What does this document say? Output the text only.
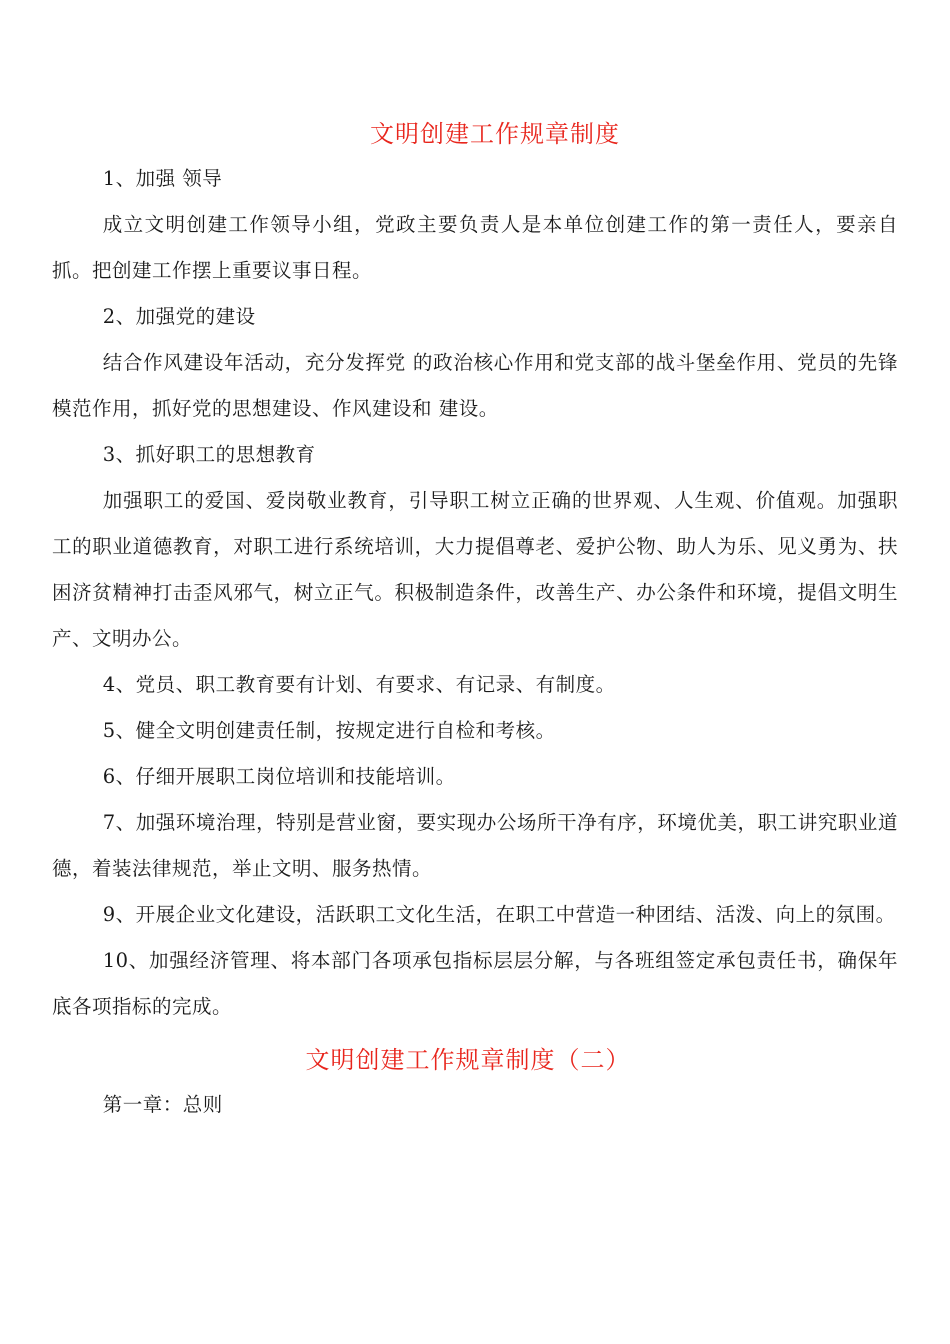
文明创建工作规章制度

1、加强 领导

成立文明创建工作领导小组，党政主要负责人是本单位创建工作的第一责任人，要亲自抓。把创建工作摆上重要议事日程。

2、加强党的建设

结合作风建设年活动，充分发挥党 的政治核心作用和党支部的战斗堡垒作用、党员的先锋模范作用，抓好党的思想建设、作风建设和 建设。

3、抓好职工的思想教育

加强职工的爱国、爱岗敬业教育，引导职工树立正确的世界观、人生观、价值观。加强职工的职业道德教育，对职工进行系统培训，大力提倡尊老、爱护公物、助人为乐、见义勇为、扶困济贫精神打击歪风邪气，树立正气。积极制造条件，改善生产、办公条件和环境，提倡文明生产、文明办公。

4、党员、职工教育要有计划、有要求、有记录、有制度。

5、健全文明创建责任制，按规定进行自检和考核。

6、仔细开展职工岗位培训和技能培训。

7、加强环境治理，特别是营业窗，要实现办公场所干净有序，环境优美，职工讲究职业道德，着装法律规范，举止文明、服务热情。

9、开展企业文化建设，活跃职工文化生活，在职工中营造一种团结、活泼、向上的氛围。

10、加强经济管理、将本部门各项承包指标层层分解，与各班组签定承包责任书，确保年底各项指标的完成。

文明创建工作规章制度（二）

第一章：总则
